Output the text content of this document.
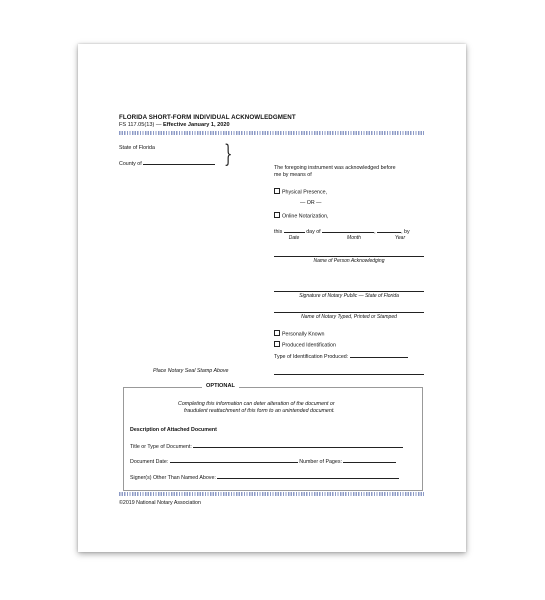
FLORIDA SHORT-FORM INDIVIDUAL ACKNOWLEDGMENT
FS 117.05(13) — Effective January 1, 2020
State of Florida
County of	}	The foregoing instrument was acknowledged before
me by means of
Physical Presence,
— OR —
Online Notarization,
this	day of	,	, by
Date	Month	Year
Name of Person Acknowledging
Signature of Notary Public — State of Florida
Name of Notary Typed, Printed or Stamped
Personally Known
Produced Identification
Type of Identification Produced:
Place Notary Seal Stamp Above
OPTIONAL
Completing this information can deter alteration of the document or
fraudulent reattachment of this form to an unintended document.
Description of Attached Document
Title or Type of Document:
Document Date:	Number of Pages:
Signer(s) Other Than Named Above:
©2019 National Notary Association
